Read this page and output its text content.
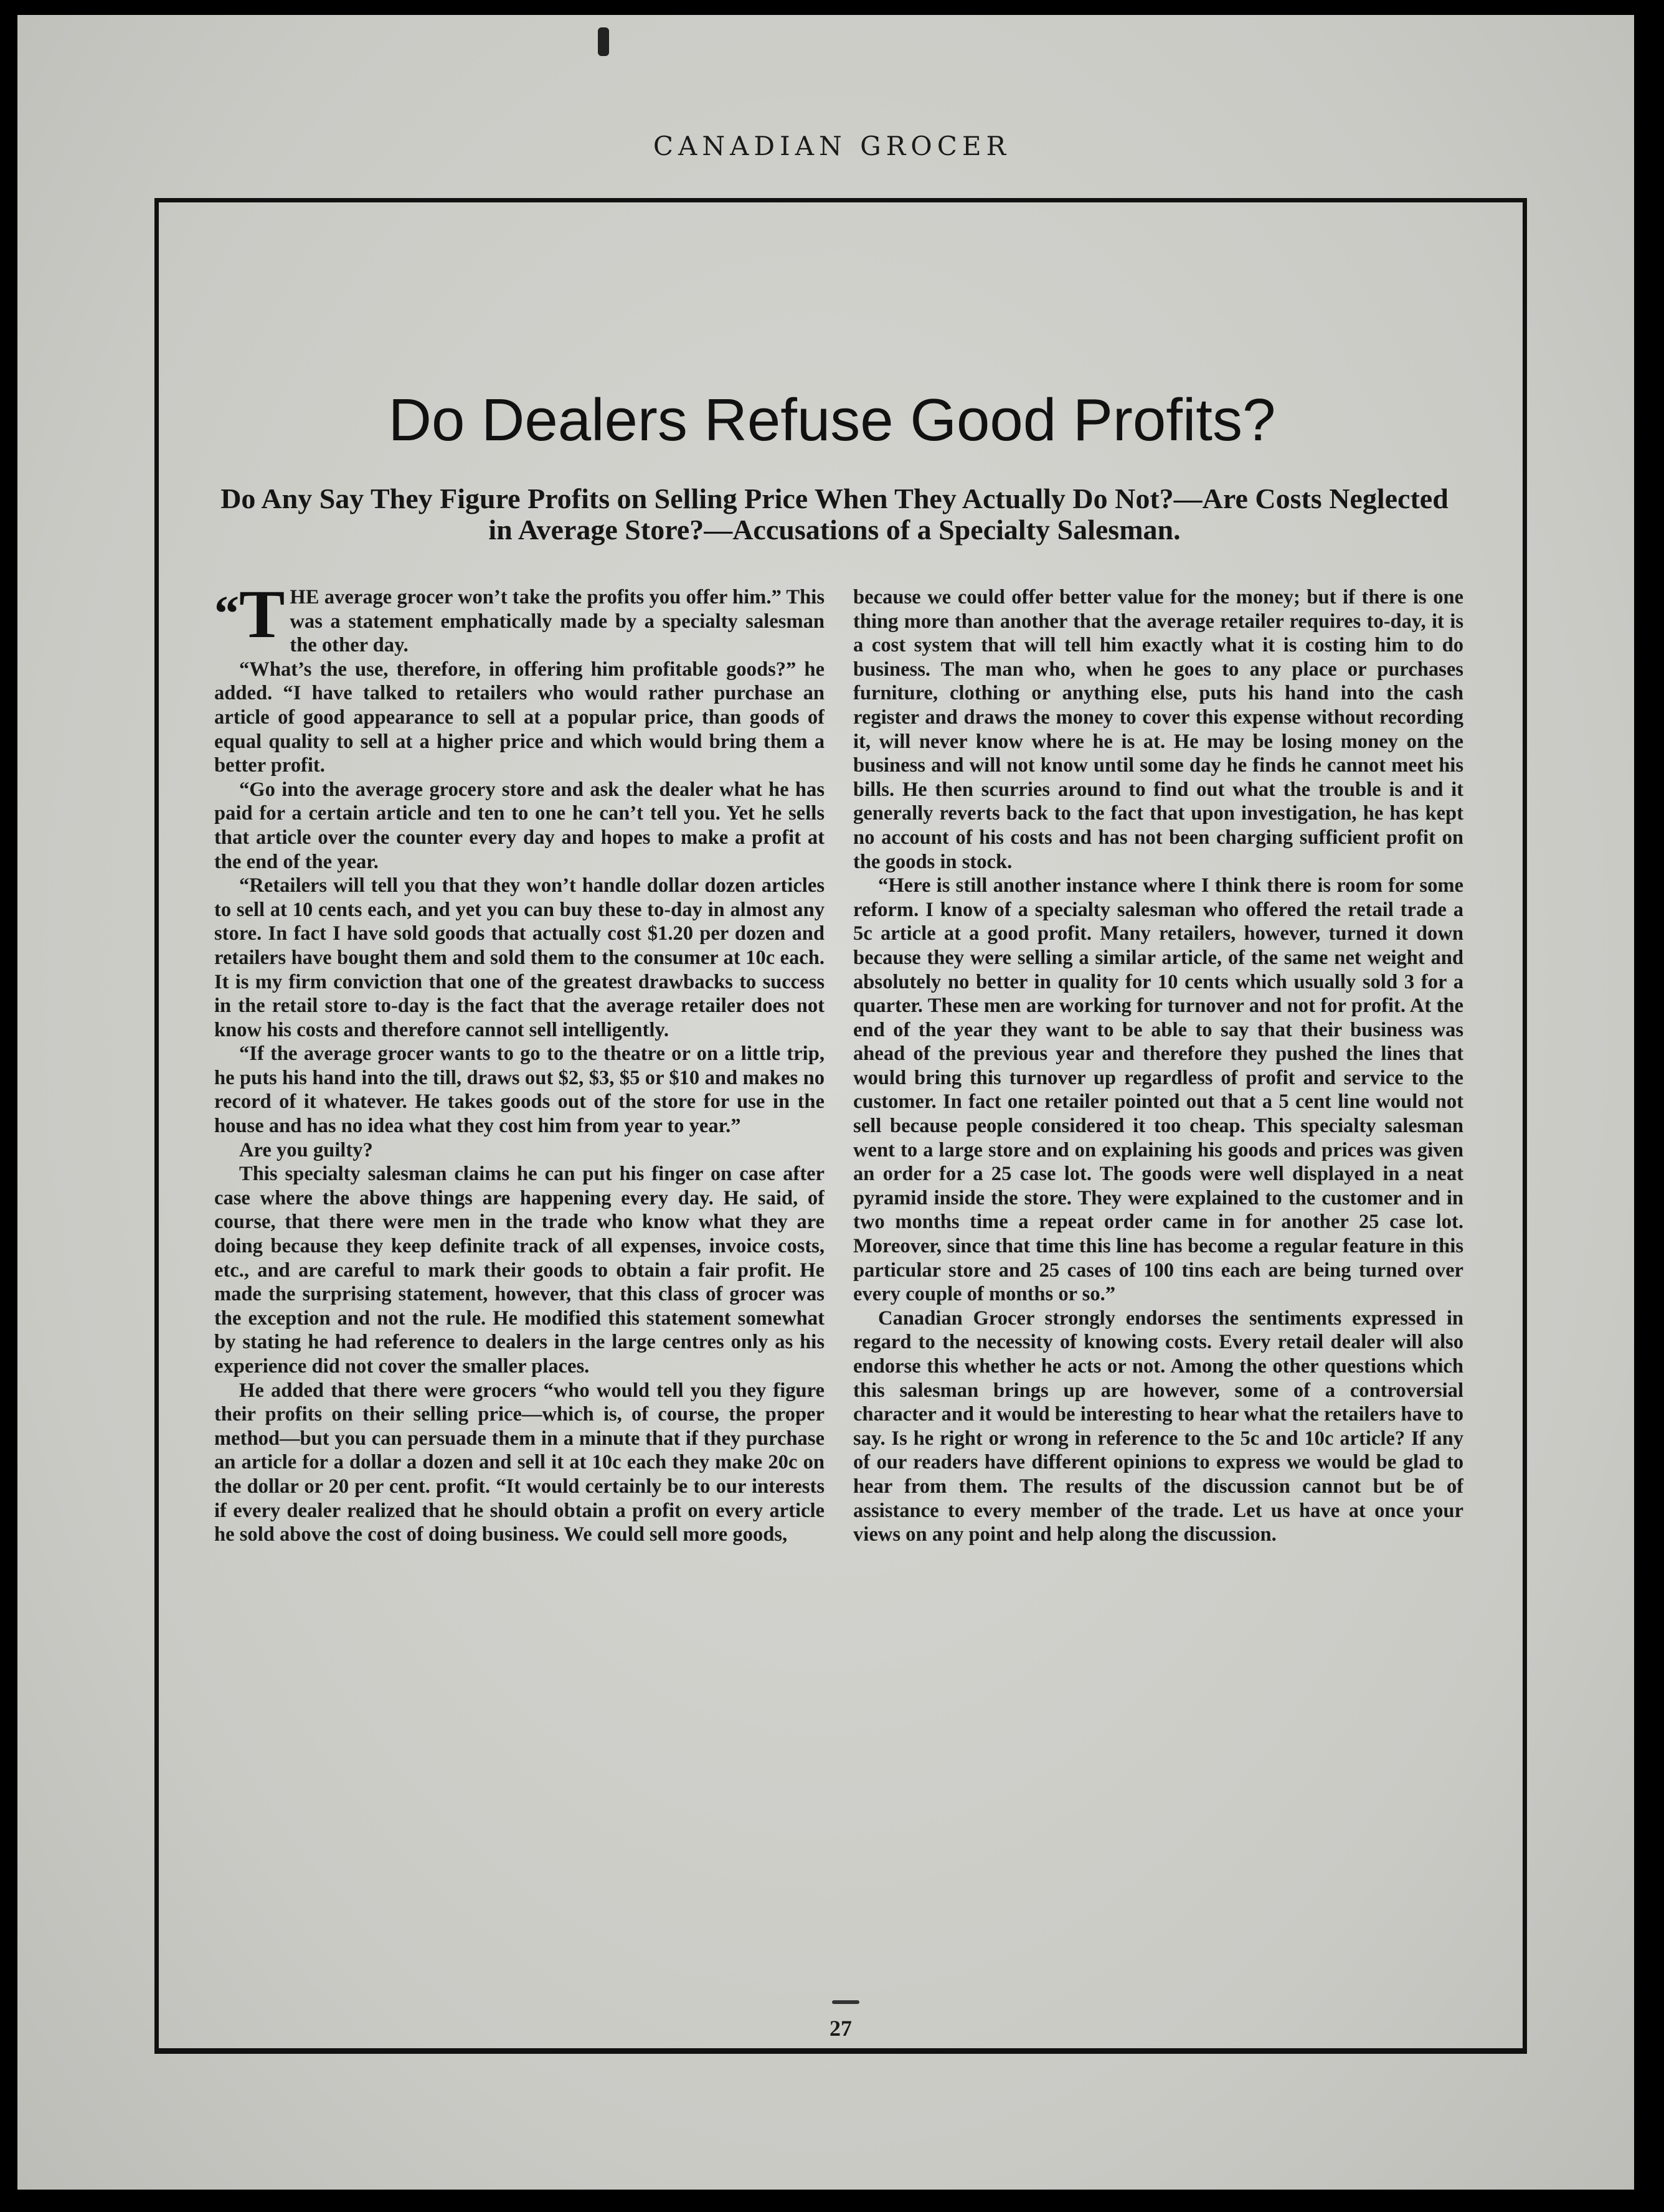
CANADIAN GROCER
Do Dealers Refuse Good Profits?
Do Any Say They Figure Profits on Selling Price When They Actually Do Not?—Are Costs Neglected in Average Store?—Accusations of a Specialty Salesman.

“T HE average grocer won’t take the profits you offer him.” This was a statement emphatically made by a specialty salesman the other day.

“What’s the use, therefore, in offering him profitable goods?” he added. “I have talked to retailers who would rather purchase an article of good appearance to sell at a popular price, than goods of equal quality to sell at a higher price and which would bring them a better profit.

“Go into the average grocery store and ask the dealer what he has paid for a certain article and ten to one he can’t tell you. Yet he sells that article over the counter every day and hopes to make a profit at the end of the year.

“Retailers will tell you that they won’t handle dollar dozen articles to sell at 10 cents each, and yet you can buy these to-day in almost any store. In fact I have sold goods that actually cost $1.20 per dozen and retailers have bought them and sold them to the consumer at 10c each. It is my firm conviction that one of the greatest drawbacks to success in the retail store to-day is the fact that the average retailer does not know his costs and therefore cannot sell intelligently.

“If the average grocer wants to go to the theatre or on a little trip, he puts his hand into the till, draws out $2, $3, $5 or $10 and makes no record of it whatever. He takes goods out of the store for use in the house and has no idea what they cost him from year to year.”

Are you guilty?

This specialty salesman claims he can put his finger on case after case where the above things are happening every day. He said, of course, that there were men in the trade who know what they are doing because they keep definite track of all expenses, invoice costs, etc., and are careful to mark their goods to obtain a fair profit. He made the surprising statement, however, that this class of grocer was the exception and not the rule. He modified this statement somewhat by stating he had reference to dealers in the large centres only as his experience did not cover the smaller places.

He added that there were grocers “who would tell you they figure their profits on their selling price—which is, of course, the proper method—but you can persuade them in a minute that if they purchase an article for a dollar a dozen and sell it at 10c each they make 20c on the dollar or 20 per cent. profit. “It would certainly be to our interests if every dealer realized that he should obtain a profit on every article he sold above the cost of doing business. We could sell more goods,

because we could offer better value for the money; but if there is one thing more than another that the average retailer requires to-day, it is a cost system that will tell him exactly what it is costing him to do business. The man who, when he goes to any place or purchases furniture, clothing or anything else, puts his hand into the cash register and draws the money to cover this expense without recording it, will never know where he is at. He may be losing money on the business and will not know until some day he finds he cannot meet his bills. He then scurries around to find out what the trouble is and it generally reverts back to the fact that upon investigation, he has kept no account of his costs and has not been charging sufficient profit on the goods in stock.

“Here is still another instance where I think there is room for some reform. I know of a specialty salesman who offered the retail trade a 5c article at a good profit. Many retailers, however, turned it down because they were selling a similar article, of the same net weight and absolutely no better in quality for 10 cents which usually sold 3 for a quarter. These men are working for turnover and not for profit. At the end of the year they want to be able to say that their business was ahead of the previous year and therefore they pushed the lines that would bring this turnover up regardless of profit and service to the customer. In fact one retailer pointed out that a 5 cent line would not sell because people considered it too cheap. This specialty salesman went to a large store and on explaining his goods and prices was given an order for a 25 case lot. The goods were well displayed in a neat pyramid inside the store. They were explained to the customer and in two months time a repeat order came in for another 25 case lot. Moreover, since that time this line has become a regular feature in this particular store and 25 cases of 100 tins each are being turned over every couple of months or so.”

Canadian Grocer strongly endorses the sentiments expressed in regard to the necessity of knowing costs. Every retail dealer will also endorse this whether he acts or not. Among the other questions which this salesman brings up are however, some of a controversial character and it would be interesting to hear what the retailers have to say. Is he right or wrong in reference to the 5c and 10c article? If any of our readers have different opinions to express we would be glad to hear from them. The results of the discussion cannot but be of assistance to every member of the trade. Let us have at once your views on any point and help along the discussion.

27
